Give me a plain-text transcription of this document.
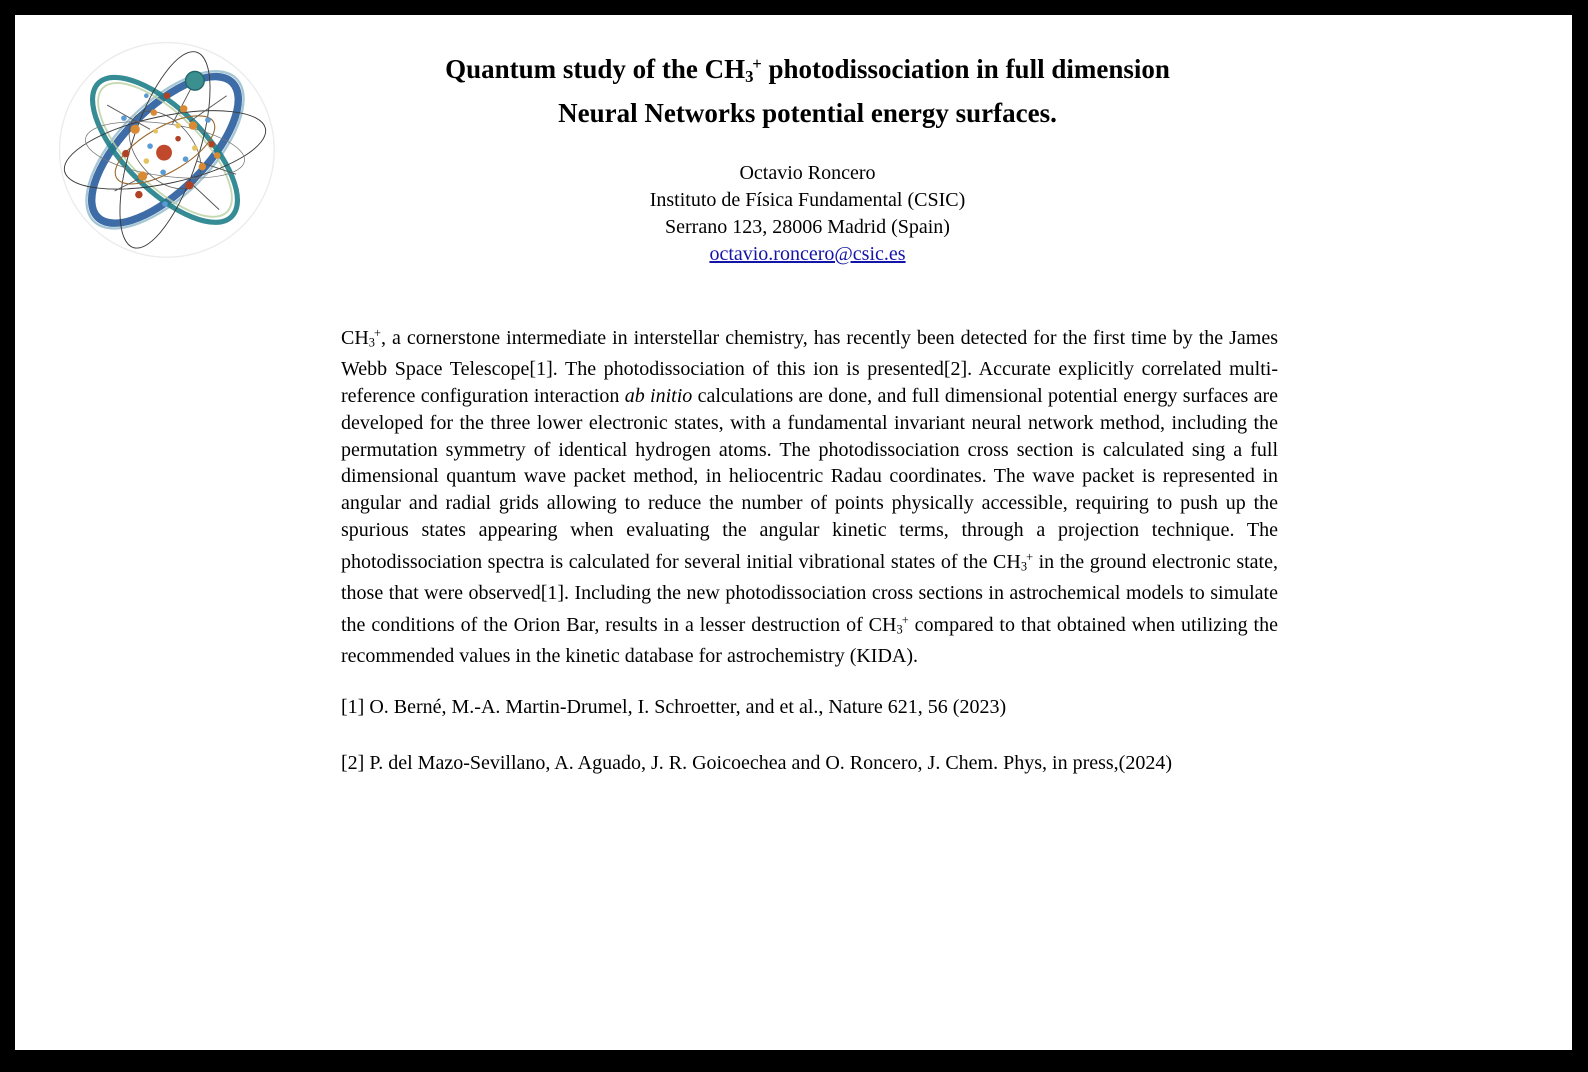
Quantum study of the $CH_3^+$ photodissociation in full dimension
Neural Networks potential energy surfaces.
Octavio Roncero
Instituto de Física Fundamental (CSIC)
Serrano 123, 28006 Madrid (Spain)
octavio.roncero@csic.es
$CH_3^+$, a cornerstone intermediate in interstellar chemistry, has recently been detected for the first time by the James Webb Space Telescope[1]. The photodissociation of this ion is presented[2]. Accurate explicitly correlated multi-reference configuration interaction ab initio calculations are done, and full dimensional potential energy surfaces are developed for the three lower electronic states, with a fundamental invariant neural network method, including the permutation symmetry of identical hydrogen atoms. The photodissociation cross section is calculated sing a full dimensional quantum wave packet method, in heliocentric Radau coordinates. The wave packet is represented in angular and radial grids allowing to reduce the number of points physically accessible, requiring to push up the spurious states appearing when evaluating the angular kinetic terms, through a projection technique. The photodissociation spectra is calculated for several initial vibrational states of the $CH_3^+$ in the ground electronic state, those that were observed[1]. Including the new photodissociation cross sections in astrochemical models to simulate the conditions of the Orion Bar, results in a lesser destruction of $CH_3^+$ compared to that obtained when utilizing the recommended values in the kinetic database for astrochemistry (KIDA).
[1] O. Berné, M.-A. Martin-Drumel, I. Schroetter, and et al., Nature 621, 56 (2023)
[2] P. del Mazo-Sevillano, A. Aguado, J. R. Goicoechea and O. Roncero, J. Chem. Phys, in press,(2024)
